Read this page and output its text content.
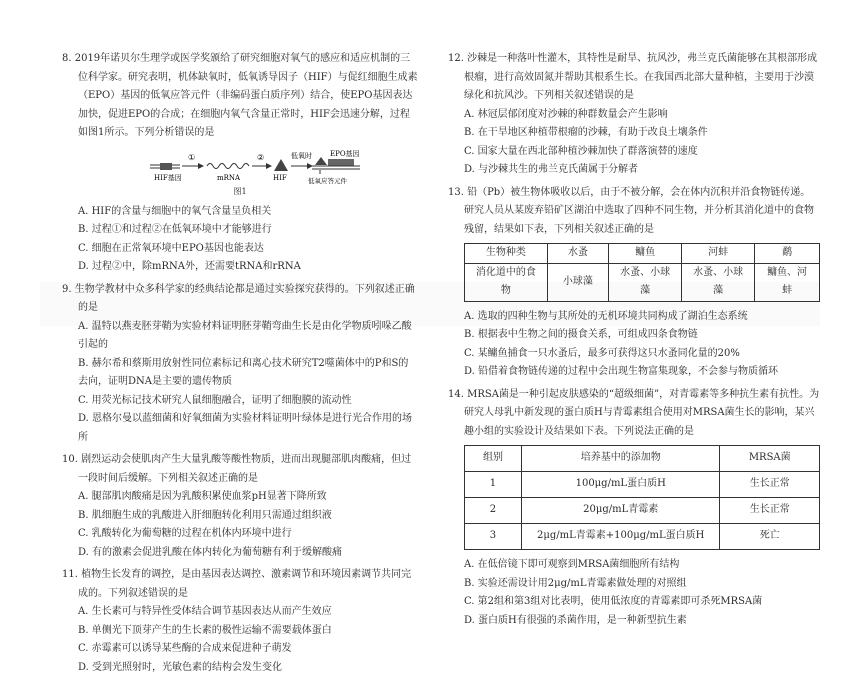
8. 2019年诺贝尔生理学或医学奖颁给了研究细胞对氧气的感应和适应机制的三位科学家。研究表明，机体缺氧时，低氧诱导因子（HIF）与促红细胞生成素（EPO）基因的低氧应答元件（非编码蛋白质序列）结合，使EPO基因表达加快，促进EPO的合成；在细胞内氧气含量正常时，HIF会迅速分解，过程如图1所示。下列分析错误的是

HIF基因
①
mRNA
②
HIF
低氧时	EPO基因
低氧应答元件

图1

A. HIF的含量与细胞中的氧气含量呈负相关

B. 过程①和过程②在低氧环境中才能够进行

C. 细胞在正常氧环境中EPO基因也能表达

D. 过程②中，除mRNA外，还需要tRNA和rRNA

9. 生物学教材中众多科学家的经典结论都是通过实验探究获得的。下列叙述正确的是

A. 温特以燕麦胚芽鞘为实验材料证明胚芽鞘弯曲生长是由化学物质吲哚乙酸引起的

B. 赫尔希和蔡斯用放射性同位素标记和离心技术研究T2噬菌体中的P和S的去向，证明DNA是主要的遗传物质

C. 用荧光标记技术研究人鼠细胞融合，证明了细胞膜的流动性

D. 恩格尔曼以蓝细菌和好氧细菌为实验材料证明叶绿体是进行光合作用的场所

10. 剧烈运动会使肌肉产生大量乳酸等酸性物质，进而出现腿部肌肉酸痛，但过一段时间后缓解。下列相关叙述正确的是

A. 腿部肌肉酸痛是因为乳酸积累使血浆pH显著下降所致

B. 肌细胞生成的乳酸进入肝细胞转化利用只需通过组织液

C. 乳酸转化为葡萄糖的过程在机体内环境中进行

D. 有的激素会促进乳酸在体内转化为葡萄糖有利于缓解酸痛

11. 植物生长发育的调控，是由基因表达调控、激素调节和环境因素调节共同完成的。下列叙述错误的是

A. 生长素可与特异性受体结合调节基因表达从而产生效应

B. 单侧光下顶芽产生的生长素的极性运输不需要载体蛋白

C. 赤霉素可以诱导某些酶的合成来促进种子萌发

D. 受到光照射时，光敏色素的结构会发生变化

12. 沙棘是一种落叶性灌木，其特性是耐旱、抗风沙，弗兰克氏菌能够在其根部形成根瘤，进行高效固氮并帮助其根系生长。在我国西北部大量种植，主要用于沙漠绿化和抗风沙。下列相关叙述错误的是

A. 林冠层郁闭度对沙棘的种群数量会产生影响

B. 在干旱地区种植带根瘤的沙棘，有助于改良土壤条件

C. 国家大量在西北部种植沙棘加快了群落演替的速度

D. 与沙棘共生的弗兰克氏菌属于分解者

13. 铅（Pb）被生物体吸收以后，由于不被分解，会在体内沉积并沿食物链传递。研究人员从某废弃铅矿区湖泊中选取了四种不同生物，并分析其消化道中的食物残留，结果如下表，下列相关叙述正确的是

生物种类	水蚤	鳙鱼	河蚌	鹬
消化道中的食物	小球藻	水蚤、小球藻	水蚤、小球藻	鳙鱼、河蚌

A. 选取的四种生物与其所处的无机环境共同构成了湖泊生态系统

B. 根据表中生物之间的摄食关系，可组成四条食物链

C. 某鳙鱼捕食一只水蚤后，最多可获得这只水蚤同化量的20%

D. 铅借着食物链传递的过程中会出现生物富集现象，不会参与物质循环

14. MRSA菌是一种引起皮肤感染的“超级细菌”，对青霉素等多种抗生素有抗性。为研究人母乳中新发现的蛋白质H与青霉素组合使用对MRSA菌生长的影响，某兴趣小组的实验设计及结果如下表。下列说法正确的是

组别	培养基中的添加物	MRSA菌
1	100μg/mL蛋白质H	生长正常
2	20μg/mL青霉素	生长正常
3	2μg/mL青霉素+100μg/mL蛋白质H	死亡

A. 在低倍镜下即可观察到MRSA菌细胞所有结构

B. 实验还需设计用2μg/mL青霉素做处理的对照组

C. 第2组和第3组对比表明，使用低浓度的青霉素即可杀死MRSA菌

D. 蛋白质H有很强的杀菌作用，是一种新型抗生素
